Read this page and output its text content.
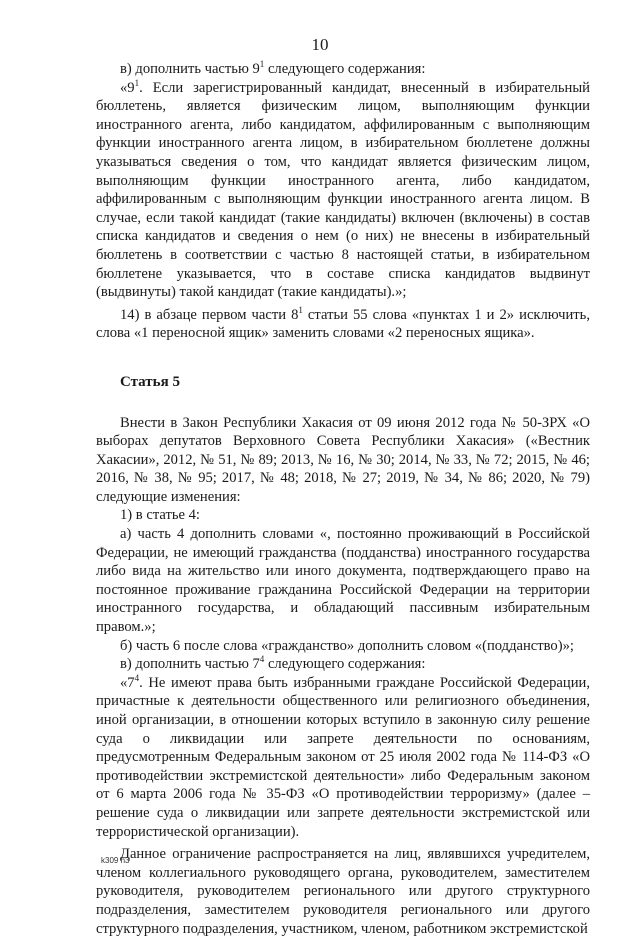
10

в) дополнить частью $9^1$ следующего содержания:

«$9^1$. Если зарегистрированный кандидат, внесенный в избирательный бюллетень, является физическим лицом, выполняющим функции иностранного агента, либо кандидатом, аффилированным с выполняющим функции иностранного агента лицом, в избирательном бюллетене должны указываться сведения о том, что кандидат является физическим лицом, выполняющим функции иностранного агента, либо кандидатом, аффилированным с выполняющим функции иностранного агента лицом. В случае, если такой кандидат (такие кандидаты) включен (включены) в состав списка кандидатов и сведения о нем (о них) не внесены в избирательный бюллетень в соответствии с частью 8 настоящей статьи, в избирательном бюллетене указывается, что в составе списка кандидатов выдвинут (выдвинуты) такой кандидат (такие кандидаты).»;

14) в абзаце первом части $8^1$ статьи 55 слова «пунктах 1 и 2» исключить, слова «1 переносной ящик» заменить словами «2 переносных ящика».

Статья 5

Внести в Закон Республики Хакасия от 09 июня 2012 года № 50-ЗРХ «О выборах депутатов Верховного Совета Республики Хакасия» («Вестник Хакасии», 2012, № 51, № 89; 2013, № 16, № 30; 2014, № 33, № 72; 2015, № 46; 2016, № 38, № 95; 2017, № 48; 2018, № 27; 2019, № 34, № 86; 2020, № 79) следующие изменения:

1) в статье 4:

а) часть 4 дополнить словами «, постоянно проживающий в Российской Федерации, не имеющий гражданства (подданства) иностранного государства либо вида на жительство или иного документа, подтверждающего право на постоянное проживание гражданина Российской Федерации на территории иностранного государства, и обладающий пассивным избирательным правом.»;

б) часть 6 после слова «гражданство» дополнить словом «(подданство)»;

в) дополнить частью $7^4$ следующего содержания:

«$7^4$. Не имеют права быть избранными граждане Российской Федерации, причастные к деятельности общественного или религиозного объединения, иной организации, в отношении которых вступило в законную силу решение суда о ликвидации или запрете деятельности по основаниям, предусмотренным Федеральным законом от 25 июля 2002 года № 114-ФЗ «О противодействии экстремистской деятельности» либо Федеральным законом от 6 марта 2006 года № 35-ФЗ «О противодействии терроризму» (далее – решение суда о ликвидации или запрете деятельности экстремистской или террористической организации).

Данное ограничение распространяется на лиц, являвшихся учредителем, членом коллегиального руководящего органа, руководителем, заместителем руководителя, руководителем регионального или другого структурного подразделения, заместителем руководителя регионального или другого структурного подразделения, участником, членом, работником экстремистской

k309 h3
